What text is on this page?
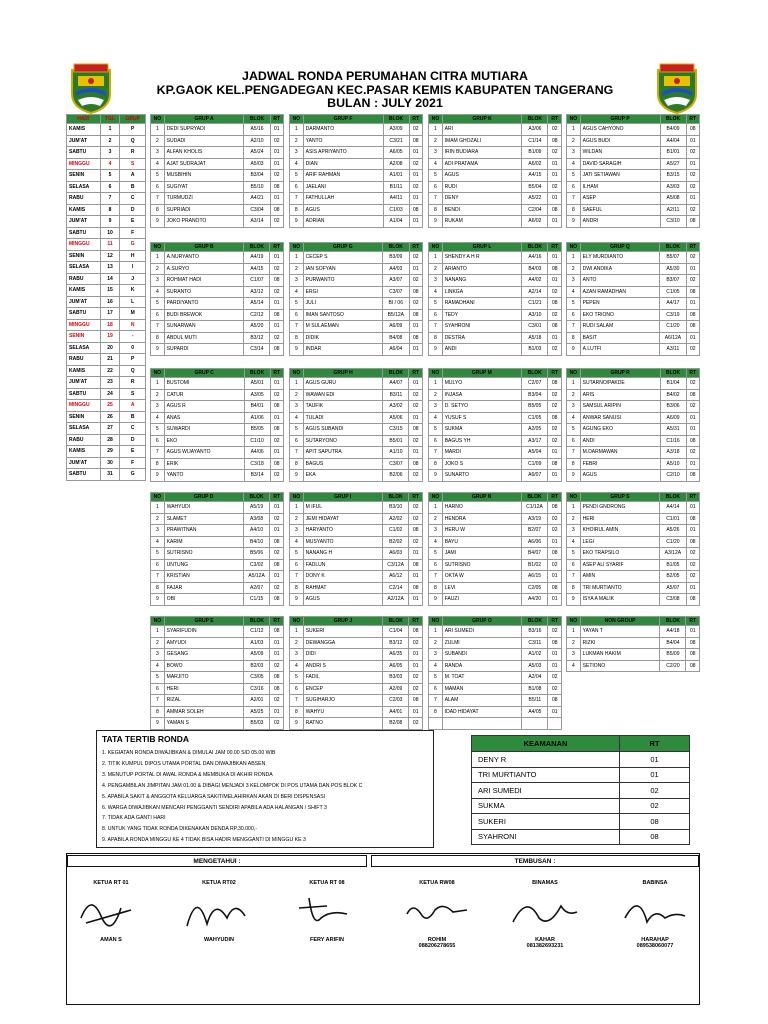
JADWAL RONDA PERUMAHAN CITRA MUTIARA
KP.GAOK KEL.PENGADEGAN KEC.PASAR KEMIS KABUPATEN TANGERANG
BULAN : JULY 2021
HARI	TGL	GRUP
KAMIS	1	P
JUM'AT	2	Q
SABTU	3	R
MINGGU	4	S
SENIN	5	A
SELASA	6	B
RABU	7	C
KAMIS	8	D
JUM'AT	9	E
SABTU	10	F
MINGGU	11	G
SENIN	12	H
SELASA	13	I
RABU	14	J
KAMIS	15	K
JUM'AT	16	L
SABTU	17	M
MINGGU	18	N
SENIN	19	-
SELASA	20	0
RABU	21	P
KAMIS	22	Q
JUM'AT	23	R
SABTU	24	S
MINGGU	25	A
SENIN	26	B
SELASA	27	C
RABU	28	D
KAMIS	29	E
JUM'AT	30	F
SABTU	31	G
NO	GRUP A	BLOK	RT
1	DEDI SUPRYADI	A5/16	01
2	SUDADI	A2/10	02
3	ALFAN KHOLIS	A5/24	01
4	AJAT SUDRAJAT	A5/03	01
5	MUSBIHIN	B3/04	02
6	SUGIYAT	B5/10	08
7	TURMUDZI	A4/21	01
8	SUPRIADI	C3/04	08
9	JOKO PRANOTO	A3/14	02
NO	GRUP F	BLOK	RT
1	DARMANTO	A3/09	02
2	YANTO	C3/21	08
3	ASIS APRIYANTO	A6/05	01
4	DIAN	A2/08	02
5	ARIF RAHMAN	A1/01	01
6	JAELANI	B1/11	02
7	FATHULLAH	A4/11	01
8	AGUS	C1/03	08
9	ADRIAN	A1/04	01
NO	GRUP K	BLOK	RT
1	ARI	A3/06	02
2	IMAM GHOZALI	C1/14	08
3	IRIN BUDIARA	B1/09	02
4	ADI PRATAMA	A6/02	01
5	AGUS	A4/15	01
6	RUDI	B5/04	02
7	DENY	A5/22	01
8	BENDI	C2/04	08
9	RUKAM	A6/02	01
NO	GRUP P	BLOK	RT
1	AGUS CAHYONO	B4/09	08
2	AGUS BUDI	A4/04	01
3	WILDAN	B1/01	02
4	DAVID SARAGIH	A5/27	01
5	JATI SETIAWAN	B3/15	02
6	ILHAM	A3/03	02
7	ASEP	A5/08	01
8	SAEFUL	A2/11	02
9	ANDRI	C3/10	08
NO	GRUP B	BLOK	RT
1	A.NURYANTO	A4/19	01
2	A.SURYO	A4/15	02
3	ROHMAT HADI	C1/07	08
4	SURANTO	A3/12	02
5	PARDIYANTO	A5/14	01
6	BUDI BREWOK	C2/12	08
7	SUNARWAN	A5/20	01
8	ABDUL MUTI	B3/12	02
9	SUPARDI	C3/14	08
NO	GRUP G	BLOK	RT
1	CECEP S	B3/09	02
2	IAN SOFYAN	A4/03	01
3	PURWANTO	A3/07	02
4	ERGI	C3/07	08
5	JULI	BI / 06	02
6	IMAN SANTOSO	B5/12A	08
7	M SULAEMAN	A6/09	01
8	DIDIK	B4/08	08
9	INDAR	A6/04	01
NO	GRUP L	BLOK	RT
1	SHENDY A H R	A4/16	01
2	ARIANTO	B4/03	08
3	NANANG	A4/02	01
4	LINKGA	A2/14	02
5	RAMADHANI	C1/21	08
6	TEDY	A3/10	02
7	SYAHRONI	C3/01	08
8	DESTRA	A5/18	01
9	ANDI	B1/03	02
NO	GRUP Q	BLOK	RT
1	ELY MURDIANTO	B5/07	02
2	DWI ANDIKA	A5/30	01
3	ANTO	B3/07	02
4	AZAN RAMADHAN	C1/05	08
5	PEPEN	A4/17	01
6	EKO TRIONO	C3/19	08
7	RUDI SALAM	C1/20	08
8	BASIT	A6/12A	01
9	A.LUTFI	A3/11	02
NO	GRUP C	BLOK	RT
1	BUSTOMI	A5/01	01
2	CATUR	A3/05	02
3	AGUS R	B4/01	08
4	ANAS	A1/06	01
5	SUWARDI	B5/05	08
6	EKO	C1/10	02
7	AGUS WIJAYANTO	A4/06	01
8	ERIK	C3/18	08
9	YANTO	B3/14	02
NO	GRUP H	BLOK	RT
1	AGUS GURU	A4/07	01
2	WAWAN EDI	B3/11	02
3	TAUFIK	A3/02	02
4	TULADI	A5/06	01
5	AGUS SUBANDI	C3/15	08
6	SUTARYONO	B5/01	02
7	APIT SAPUTRA	A1/10	01
8	BAGUS	C3/07	08
9	EKA	B2/06	02
NO	GRUP M	BLOK	RT
1	MULYO	C2/07	08
2	INJASA	B3/04	02
3	D. SETYO	B5/05	02
4	YUSUF S	C1/05	08
5	SUKMA	A2/05	02
6	BAGUS YH	A3/17	02
7	MARDI	A5/04	01
8	JOKO S	C1/09	08
9	SUNARTO	A6/07	01
NO	GRUP R	BLOK	RT
1	SUTARNO/PAKDE	B1/04	02
2	ARIS	B4/02	08
3	SAMSUL ARIPIN	B3/06	02
4	ANWAR SANUSI	A6/09	01
5	AGUNG EKO	A5/31	01
6	ANDI	C1/16	08
7	M.DARMAWAN	A3/18	02
8	FEBRI	A5/10	01
9	AGUS	C2/10	08
NO	GRUP D	BLOK	RT
1	WAHYUDI	A5/19	01
2	SLAMET	A3/08	02
3	PRAWITNAN	A4/10	01
4	KARIM	B4/10	08
5	SUTRISNO	B5/06	02
6	UNTUNG	C3/02	08
7	KRISTIAN	A5/12A	01
8	FAJAR	A2/07	02
9	OBI	C1/15	08
NO	GRUP I	BLOK	RT
1	M IFUL	B3/10	02
2	JEMI HIDAYAT	A2/02	02
3	HARYANTO	C1/02	08
4	MUSYANTO	B2/02	02
5	NANANG H	A6/03	01
6	FADLUN	C3/12A	08
7	DONY K	A6/12	01
8	RAHMAT	C2/14	08
9	AGUS	A2/12A	01
NO	GRUP N	BLOK	RT
1	HARNO	C1/12A	08
2	HENDRA	A3/19	02
3	HERU W	B2/07	02
4	BAYU	A6/06	01
5	JAMI	B4/07	08
6	SUTRISNO	B1/02	02
7	OKTA W	A6/15	01
8	LEVI	C2/05	08
9	FAUZI	A4/20	01
NO	GRUP S	BLOK	RT
1	PENDI GNDRONG	A4/14	01
2	HERI	C1/01	08
3	KHOIRUL AMIN	A5/26	01
4	LEGI	C1/20	08
5	EKO TRAPSILO	A3/12A	02
6	ASEP ALI SYARIF	B1/05	02
7	AMIN	B2/05	02
8	TRI MURTIANTO	A5/07	01
9	ISYA A MALIK	C3/08	08
NO	GRUP E	BLOK	RT
1	SYARIFUDIN	C1/12	08
2	AMYUDI	A1/03	01
3	GESANG	A5/09	01
4	BOWO	B2/03	02
5	MARJITO	C3/05	08
6	HERI	C3/16	08
7	RIZAL	A2/01	02
8	AMMAR SOLEH	A5/25	01
9	YAMAN S	B5/03	02
NO	GRUP J	BLOK	RT
1	SUKERI	C1/04	08
2	DEWANGGA	B3/12	02
3	DIDI	A6/35	01
4	ANDRI S	A6/05	01
5	FADIL	B3/03	02
6	ENCEP	A2/09	02
7	SUGIHARJO	C2/03	08
8	WAHYU	A4/01	01
9	RATNO	B2/08	02
NO	GRUP O	BLOK	RT
1	ARI SUMEDI	B3/16	02
2	ZULMI	C3/11	08
3	SUBANDI	A1/02	01
4	RANDA	A5/03	01
5	M. TOAT	A2/04	02
6	MAMAN	B1/08	02
7	ALAM	B5/11	08
8	IDAD HIDAYAT	A4/05	01

NO	NON GROUP	BLOK	RT
1	YAYAN T	A4/18	01
2	RIZKI	B4/04	08
3	LUKMAN HAKIM	B5/09	08
4	SETIONO	C2/20	08
TATA TERTIB RONDA
1. KEGIATAN RONDA DIWAJIBKAN & DIMULAI JAM 00.00 S/D 05.00 WIB
2. TITIK KUMPUL DIPOS UTAMA PORTAL DAN DIWAJIBKAN ABSEN
3. MENUTUP PORTAL DI AWAL RONDA & MEMBUKA DI AKHIR RONDA
4. PENGAMBILAN JIMPITAN JAM 01.00 & DIBAGI MENJADI 3 KELOMPOK DI POS UTAMA DAN POS BLOK C
5. APABILA SAKIT & ANGGOTA KELUARGA SAKIT/MELAHIRKAN AKAN DI BERI DISPENSASI
6. WARGA DIWAJIBKAN MENCARI PENGGANTI SENDIRI APABILA ADA HALANGAN / SHIFT 3
7. TIDAK ADA GANTI HARI
8. UNTUK YANG TIDAK RONDA DIKENAKAN DENDA RP.30.000,-
9. APABILA RONDA MINGGU KE 4 TIDAK BISA HADIR MENGGANTI DI MINGGU KE 3
KEAMANAN	RT
DENY R	01
TRI MURTIANTO	01
ARI SUMEDI	02
SUKMA	02
SUKERI	08
SYAHRONI	08
MENGETAHUI :	TEMBUSAN :
KETUA RT 01
AMAN S
KETUA RT02
WAHYUDIN
KETUA RT 08
FERY ARIFIN
KETUA RW08
ROHIM
088206278655
BINAMAS
KAHAR
081382693231
BABINSA
HARAHAP
089538060077
